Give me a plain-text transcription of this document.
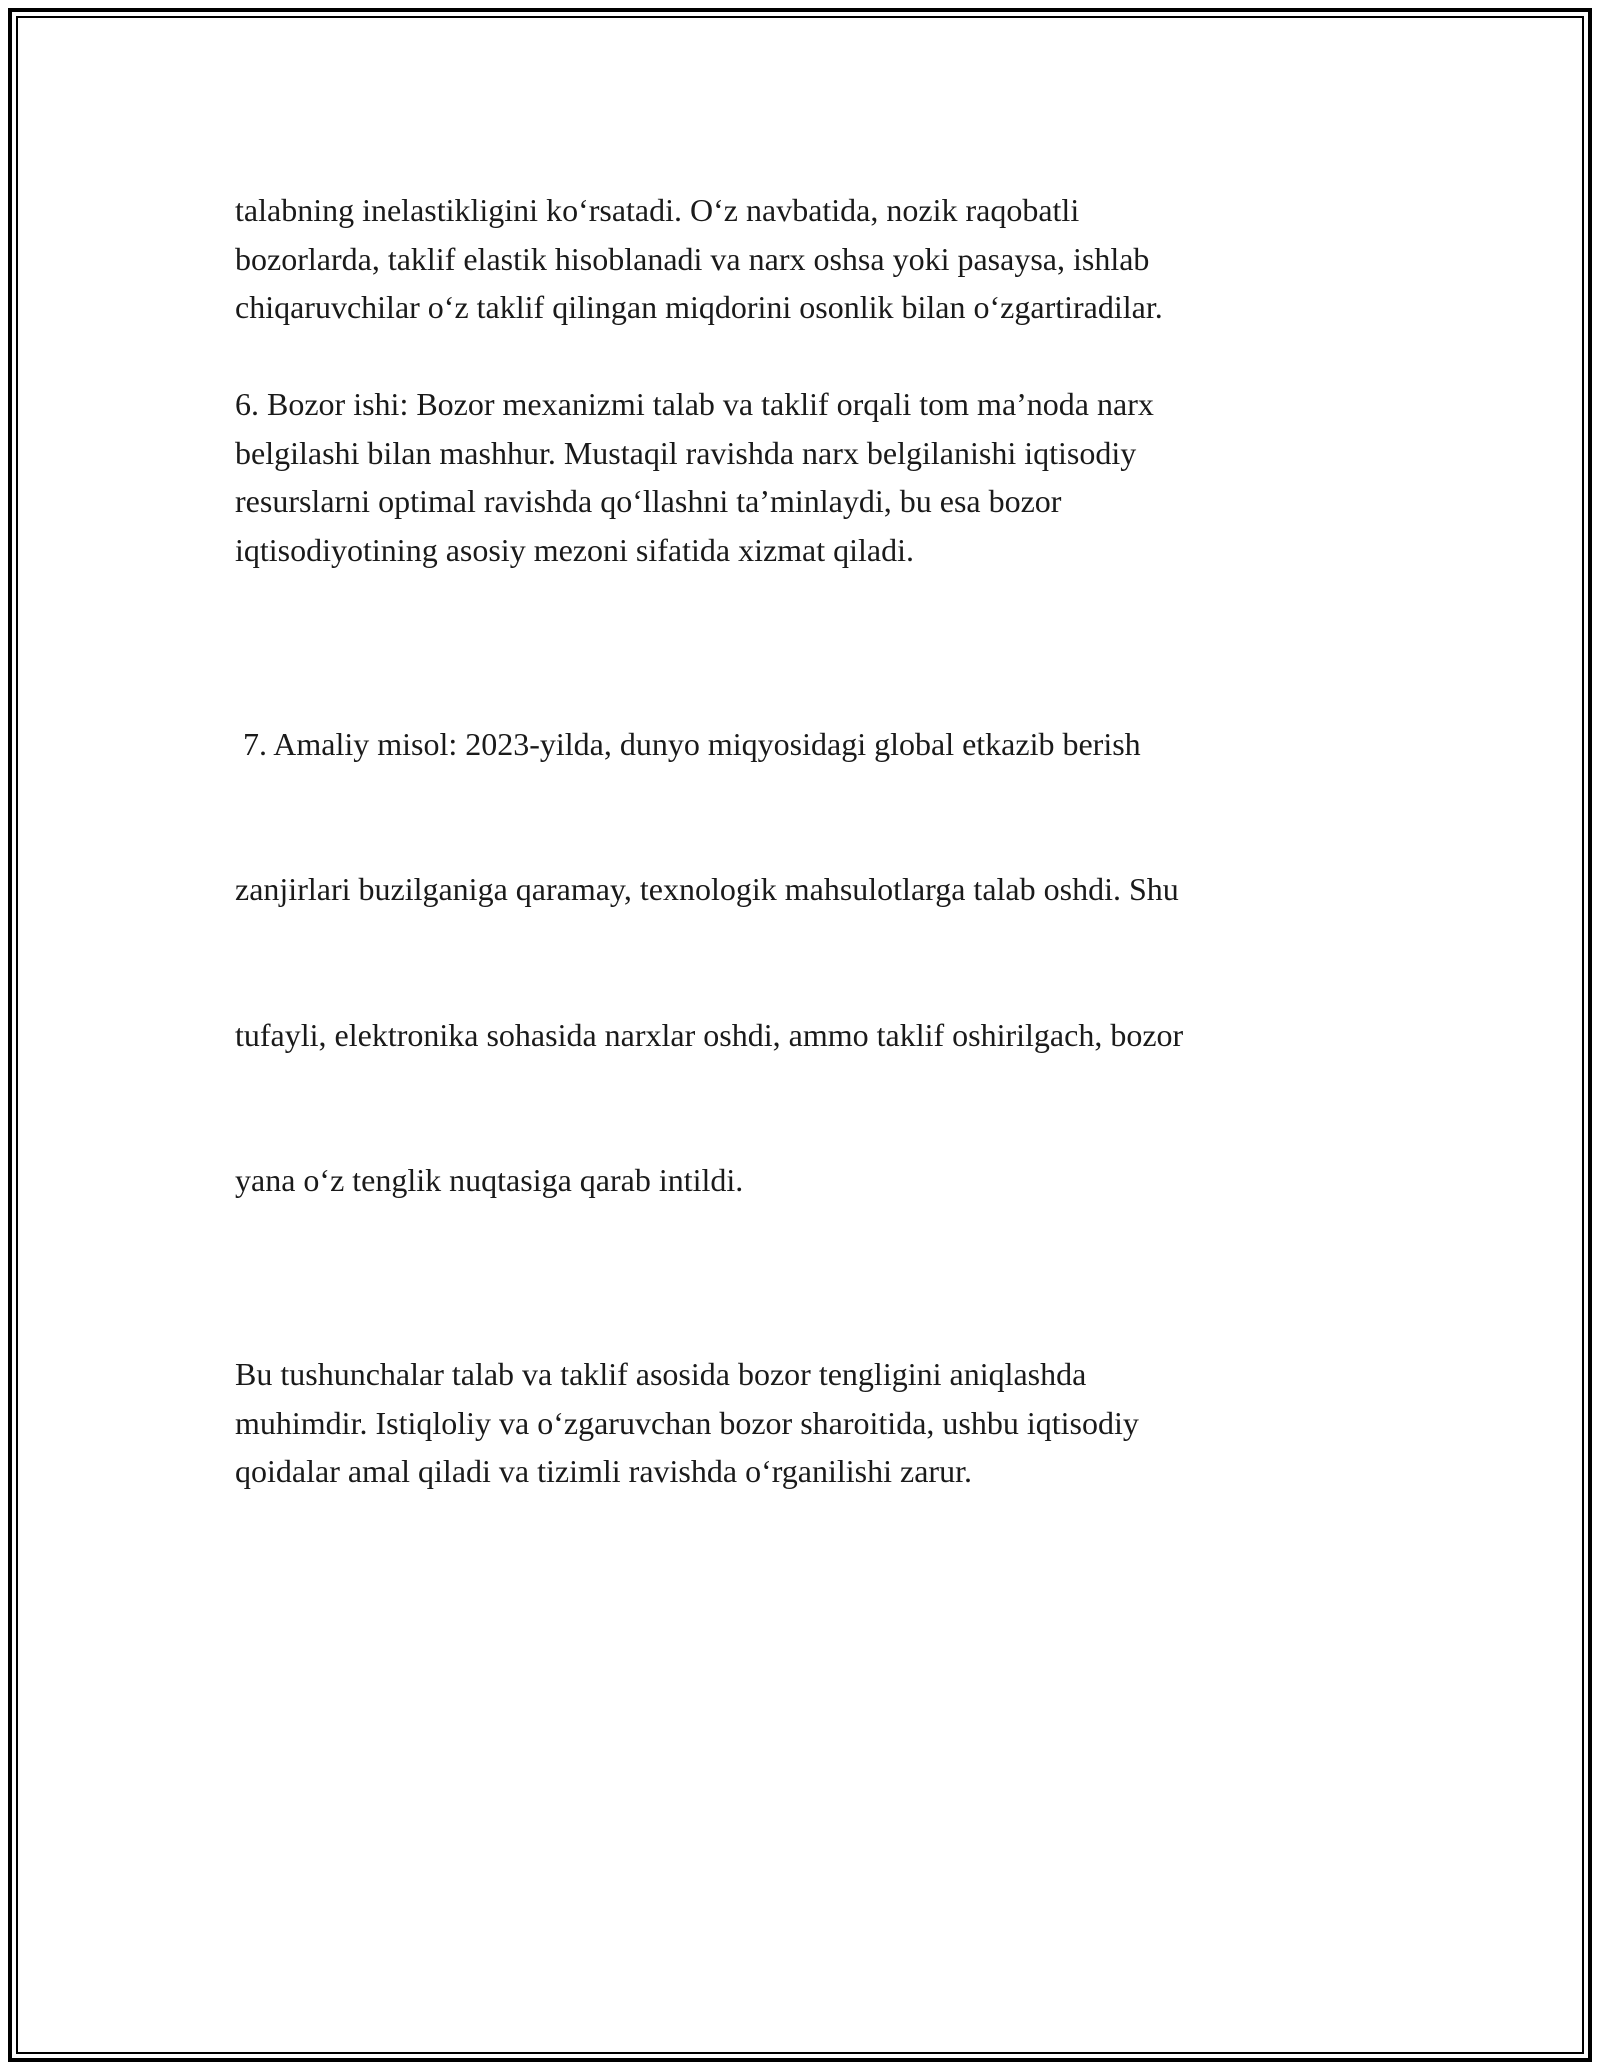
talabning inelastikligini koʻrsatadi. Oʻz navbatida, nozik raqobatli
bozorlarda, taklif elastik hisoblanadi va narx oshsa yoki pasaysa, ishlab
chiqaruvchilar oʻz taklif qilingan miqdorini osonlik bilan oʻzgartiradilar.

6. Bozor ishi: Bozor mexanizmi talab va taklif orqali tom ma’noda narx
belgilashi bilan mashhur. Mustaqil ravishda narx belgilanishi iqtisodiy
resurslarni optimal ravishda qoʻllashni ta’minlaydi, bu esa bozor
iqtisodiyotining asosiy mezoni sifatida xizmat qiladi.

7. Amaliy misol: 2023-yilda, dunyo miqyosidagi global etkazib berish

zanjirlari buzilganiga qaramay, texnologik mahsulotlarga talab oshdi. Shu

tufayli, elektronika sohasida narxlar oshdi, ammo taklif oshirilgach, bozor

yana oʻz tenglik nuqtasiga qarab intildi.

Bu tushunchalar talab va taklif asosida bozor tengligini aniqlashda
muhimdir. Istiqloliy va oʻzgaruvchan bozor sharoitida, ushbu iqtisodiy
qoidalar amal qiladi va tizimli ravishda oʻrganilishi zarur.
